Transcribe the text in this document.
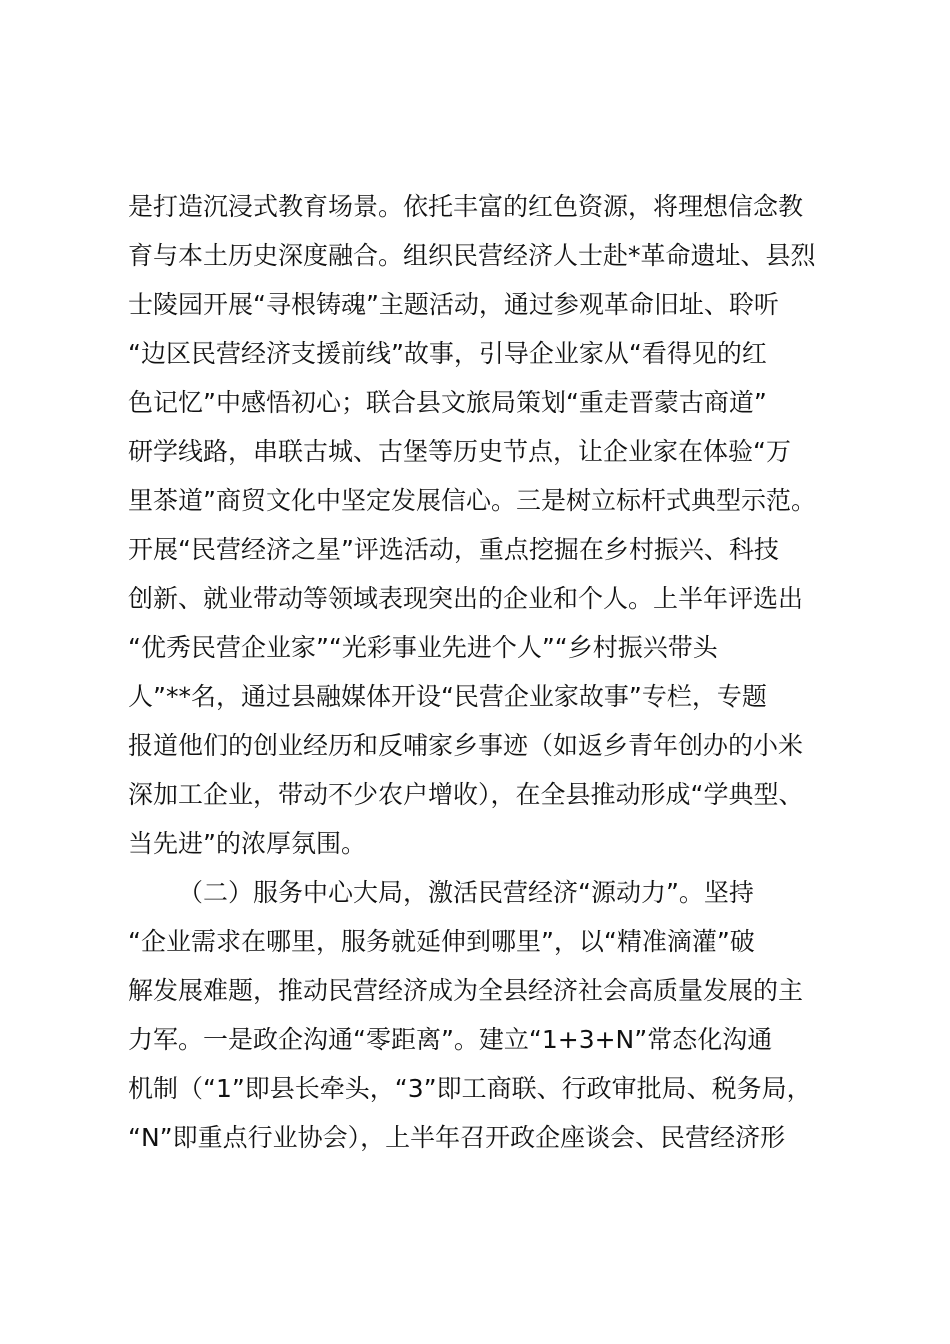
是打造沉浸式教育场景。依托丰富的红色资源，将理想信念教
育与本土历史深度融合。组织民营经济人士赴*革命遗址、县烈
士陵园开展“寻根铸魂”主题活动，通过参观革命旧址、聆听
“边区民营经济支援前线”故事，引导企业家从“看得见的红
色记忆”中感悟初心；联合县文旅局策划“重走晋蒙古商道”
研学线路，串联古城、古堡等历史节点，让企业家在体验“万
里茶道”商贸文化中坚定发展信心。三是树立标杆式典型示范。
开展“民营经济之星”评选活动，重点挖掘在乡村振兴、科技
创新、就业带动等领域表现突出的企业和个人。上半年评选出
“优秀民营企业家”“光彩事业先进个人”“乡村振兴带头
人”**名，通过县融媒体开设“民营企业家故事”专栏，专题
报道他们的创业经历和反哺家乡事迹（如返乡青年创办的小米
深加工企业，带动不少农户增收），在全县推动形成“学典型、
当先进”的浓厚氛围。
（二）服务中心大局，激活民营经济“源动力”。坚持
“企业需求在哪里，服务就延伸到哪里”，以“精准滴灌”破
解发展难题，推动民营经济成为全县经济社会高质量发展的主
力军。一是政企沟通“零距离”。建立“1+3+N”常态化沟通
机制（“1”即县长牵头，“3”即工商联、行政审批局、税务局，
“N”即重点行业协会），上半年召开政企座谈会、民营经济形
